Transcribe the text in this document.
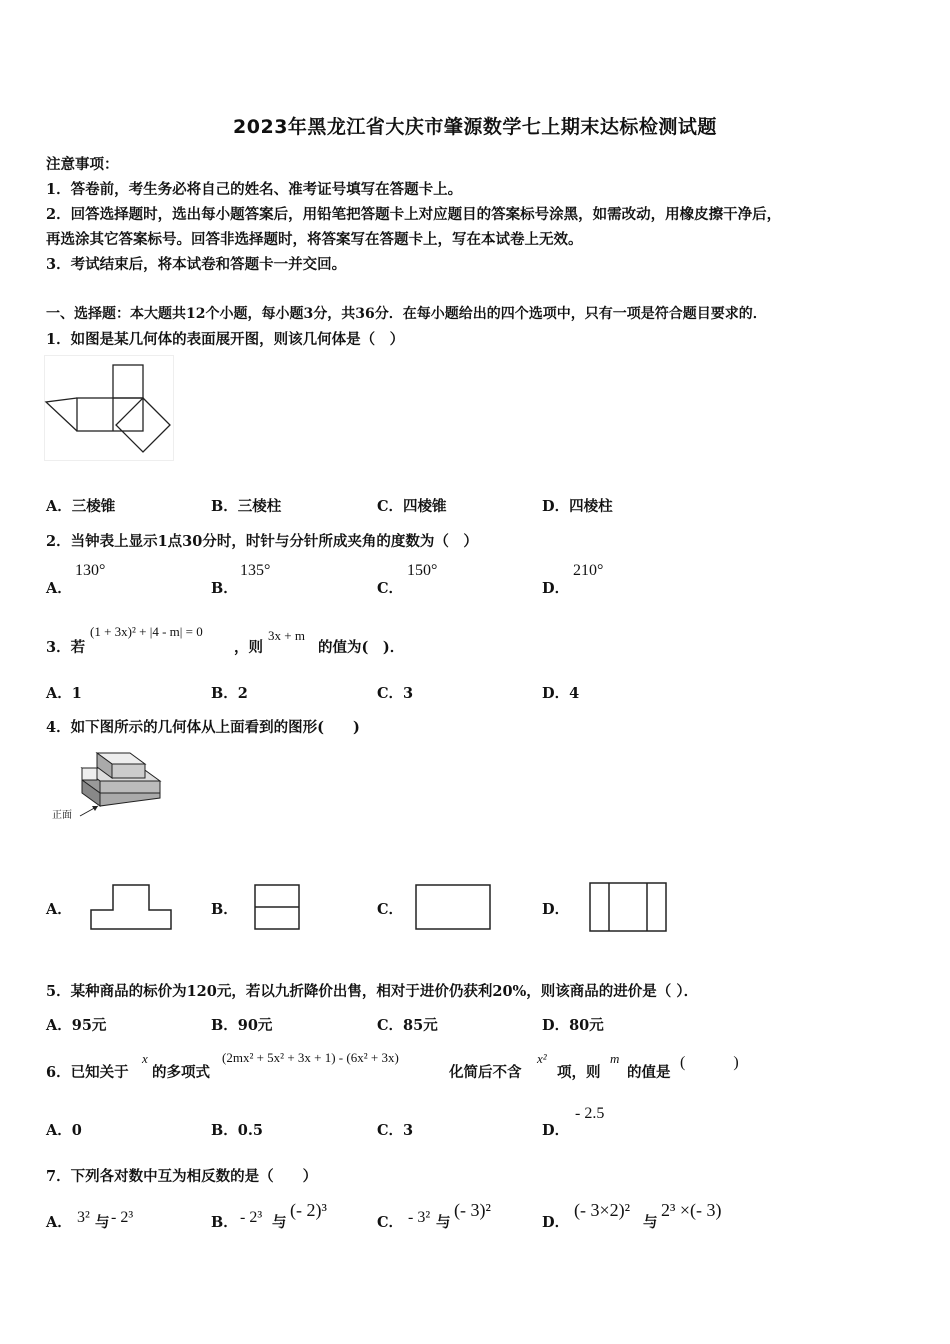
2023年黑龙江省大庆市肇源数学七上期末达标检测试题
注意事项：
1．答卷前，考生务必将自己的姓名、准考证号填写在答题卡上。
2．回答选择题时，选出每小题答案后，用铅笔把答题卡上对应题目的答案标号涂黑，如需改动，用橡皮擦干净后，
再选涂其它答案标号。回答非选择题时，将答案写在答题卡上，写在本试卷上无效。
3．考试结束后，将本试卷和答题卡一并交回。
一、选择题：本大题共12个小题，每小题3分，共36分．在每小题给出的四个选项中，只有一项是符合题目要求的．
1．如图是某几何体的表面展开图，则该几何体是（　）
A．三棱锥	B．三棱柱	C．四棱锥	D．四棱柱
2．当钟表上显示1点30分时，时针与分针所成夹角的度数为（　）
A．
130°
B．
135°
C．
150°
D．
210°
3．若
(1 + 3x)² + |4 - m| = 0
，则
3x + m
的值为(　)．
A．1	B．2	C．3	D．4
4．如下图所示的几何体从上面看到的图形(　　)
正面
A．	B．	C．	D．
5．某种商品的标价为120元，若以九折降价出售，相对于进价仍获利20%，则该商品的进价是（ ）．
A．95元	B．90元	C．85元	D．80元
6．已知关于
x
的多项式
(2mx² + 5x² + 3x + 1) - (6x² + 3x)
化简后不含
x²
项，则
m
的值是
(　　　)
A．0	B．0.5	C．3	D．
- 2.5
7．下列各对数中互为相反数的是（　　）
A． 3² 与 - 2³	B． - 2³ 与
(- 2)³
C． - 3² 与
(- 3)²
D．
(- 3×2)²
与
2³ ×(- 3)
